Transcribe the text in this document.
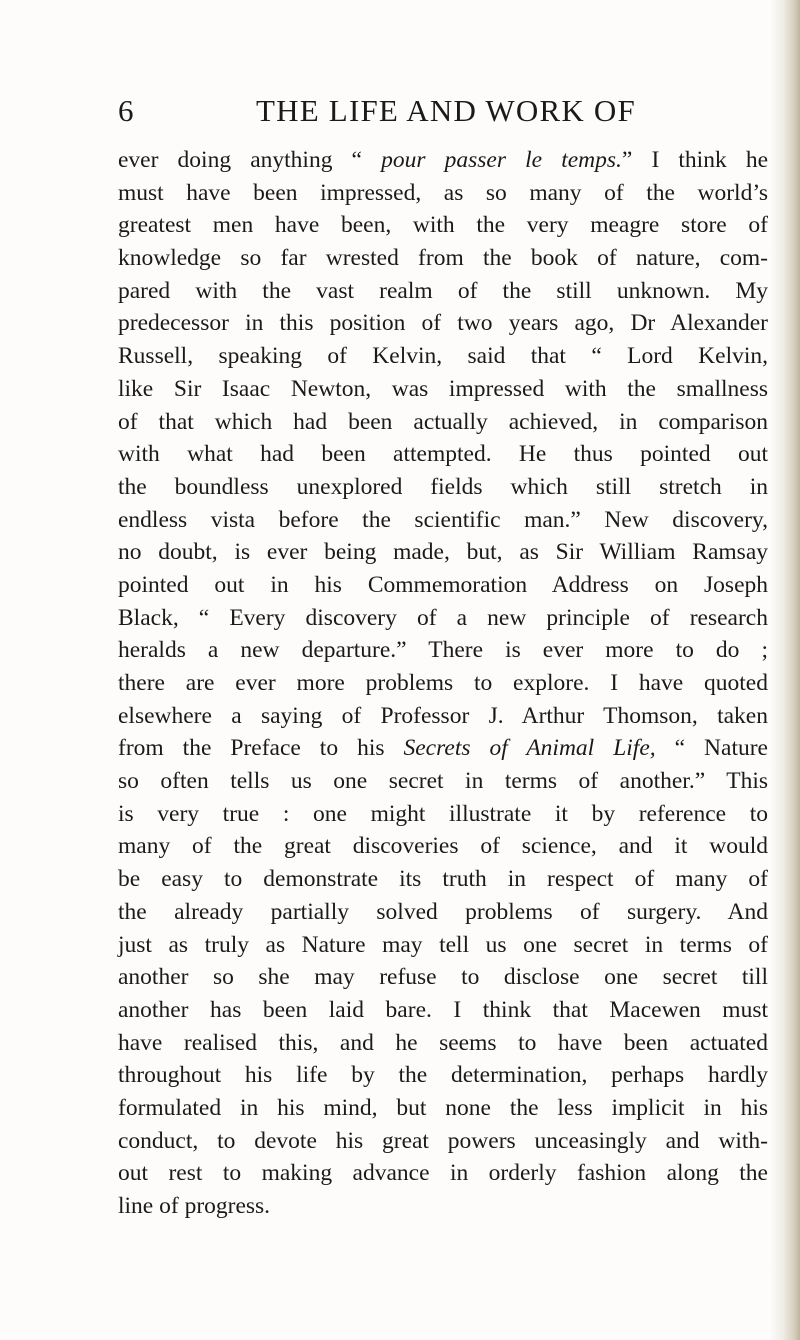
6	THE LIFE AND WORK OF
ever doing anything “ pour passer le temps.” I think he
must have been impressed, as so many of the world’s
greatest men have been, with the very meagre store of
knowledge so far wrested from the book of nature, com-
pared with the vast realm of the still unknown. My
predecessor in this position of two years ago, Dr Alexander
Russell, speaking of Kelvin, said that “ Lord Kelvin,
like Sir Isaac Newton, was impressed with the smallness
of that which had been actually achieved, in comparison
with what had been attempted. He thus pointed out
the boundless unexplored fields which still stretch in
endless vista before the scientific man.” New discovery,
no doubt, is ever being made, but, as Sir William Ramsay
pointed out in his Commemoration Address on Joseph
Black, “ Every discovery of a new principle of research
heralds a new departure.” There is ever more to do ;
there are ever more problems to explore. I have quoted
elsewhere a saying of Professor J. Arthur Thomson, taken
from the Preface to his Secrets of Animal Life, “ Nature
so often tells us one secret in terms of another.” This
is very true : one might illustrate it by reference to
many of the great discoveries of science, and it would
be easy to demonstrate its truth in respect of many of
the already partially solved problems of surgery. And
just as truly as Nature may tell us one secret in terms of
another so she may refuse to disclose one secret till
another has been laid bare. I think that Macewen must
have realised this, and he seems to have been actuated
throughout his life by the determination, perhaps hardly
formulated in his mind, but none the less implicit in his
conduct, to devote his great powers unceasingly and with-
out rest to making advance in orderly fashion along the
line of progress.
